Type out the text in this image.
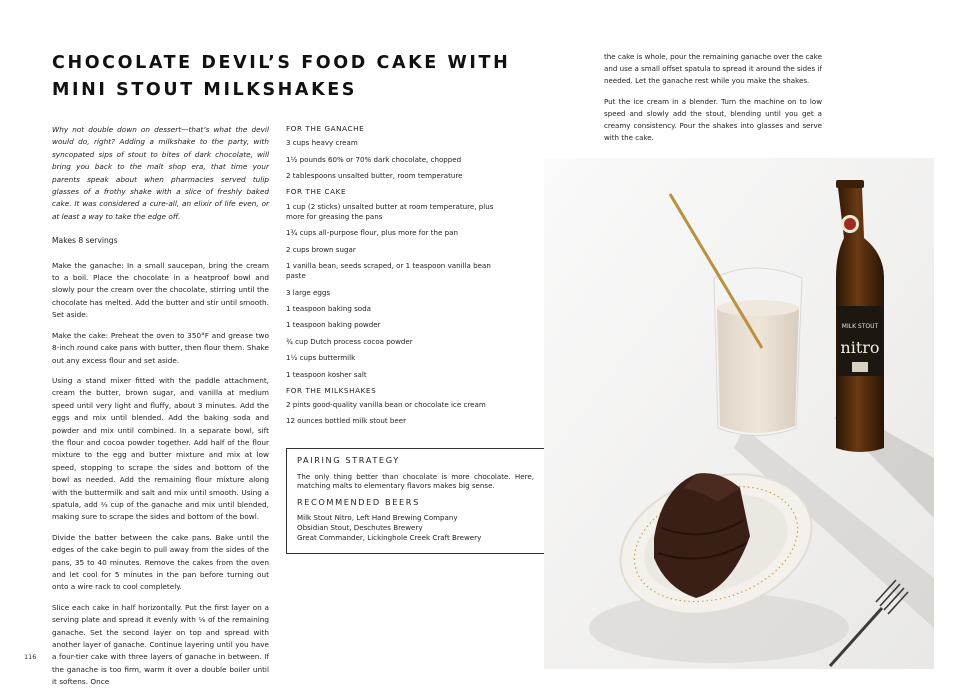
CHOCOLATE DEVIL’S FOOD CAKE WITH
MINI STOUT MILKSHAKES

Why not double down on dessert—that’s what the devil would do, right? Adding a milkshake to the party, with syncopated sips of stout to bites of dark chocolate, will bring you back to the malt shop era, that time your parents speak about when pharmacies served tulip glasses of a frothy shake with a slice of freshly baked cake. It was considered a cure-all, an elixir of life even, or at least a way to take the edge off.

Makes 8 servings

Make the ganache: In a small saucepan, bring the cream to a boil. Place the chocolate in a heatproof bowl and slowly pour the cream over the chocolate, stirring until the chocolate has melted. Add the butter and stir until smooth. Set aside.

Make the cake: Preheat the oven to 350°F and grease two 8-inch round cake pans with butter, then flour them. Shake out any excess flour and set aside.

Using a stand mixer fitted with the paddle attachment, cream the butter, brown sugar, and vanilla at medium speed until very light and fluffy, about 3 minutes. Add the eggs and mix until blended. Add the baking soda and powder and mix until combined. In a separate bowl, sift the flour and cocoa powder together. Add half of the flour mixture to the egg and butter mixture and mix at low speed, stopping to scrape the sides and bottom of the bowl as needed. Add the remaining flour mixture along with the buttermilk and salt and mix until smooth. Using a spatula, add ⅓ cup of the ganache and mix until blended, making sure to scrape the sides and bottom of the bowl.

Divide the batter between the cake pans. Bake until the edges of the cake begin to pull away from the sides of the pans, 35 to 40 minutes. Remove the cakes from the oven and let cool for 5 minutes in the pan before turning out onto a wire rack to cool completely.

Slice each cake in half horizontally. Put the first layer on a serving plate and spread it evenly with ⅛ of the remaining ganache. Set the second layer on top and spread with another layer of ganache. Continue layering until you have a four-tier cake with three layers of ganache in between. If the ganache is too firm, warm it over a double boiler until it softens. Once

FOR THE GANACHE
3 cups heavy cream
1½ pounds 60% or 70% dark chocolate, chopped
2 tablespoons unsalted butter, room temperature
FOR THE CAKE
1 cup (2 sticks) unsalted butter at room temperature, plus more for greasing the pans
1¾ cups all-purpose flour, plus more for the pan
2 cups brown sugar
1 vanilla bean, seeds scraped, or 1 teaspoon vanilla bean paste
3 large eggs
1 teaspoon baking soda
1 teaspoon baking powder
¾ cup Dutch process cocoa powder
1½ cups buttermilk
1 teaspoon kosher salt
FOR THE MILKSHAKES
2 pints good-quality vanilla bean or chocolate ice cream
12 ounces bottled milk stout beer
PAIRING STRATEGY
The only thing better than chocolate is more chocolate. Here, matching malts to elementary flavors makes big sense.
RECOMMENDED BEERS
Milk Stout Nitro, Left Hand Brewing Company
Obsidian Stout, Deschutes Brewery
Great Commander, Lickinghole Creek Craft Brewery
116

the cake is whole, pour the remaining ganache over the cake and use a small offset spatula to spread it around the sides if needed. Let the ganache rest while you make the shakes.

Put the ice cream in a blender. Turn the machine on to low speed and slowly add the stout, blending until you get a creamy consistency. Pour the shakes into glasses and serve with the cake.

MILK STOUT
nitro
